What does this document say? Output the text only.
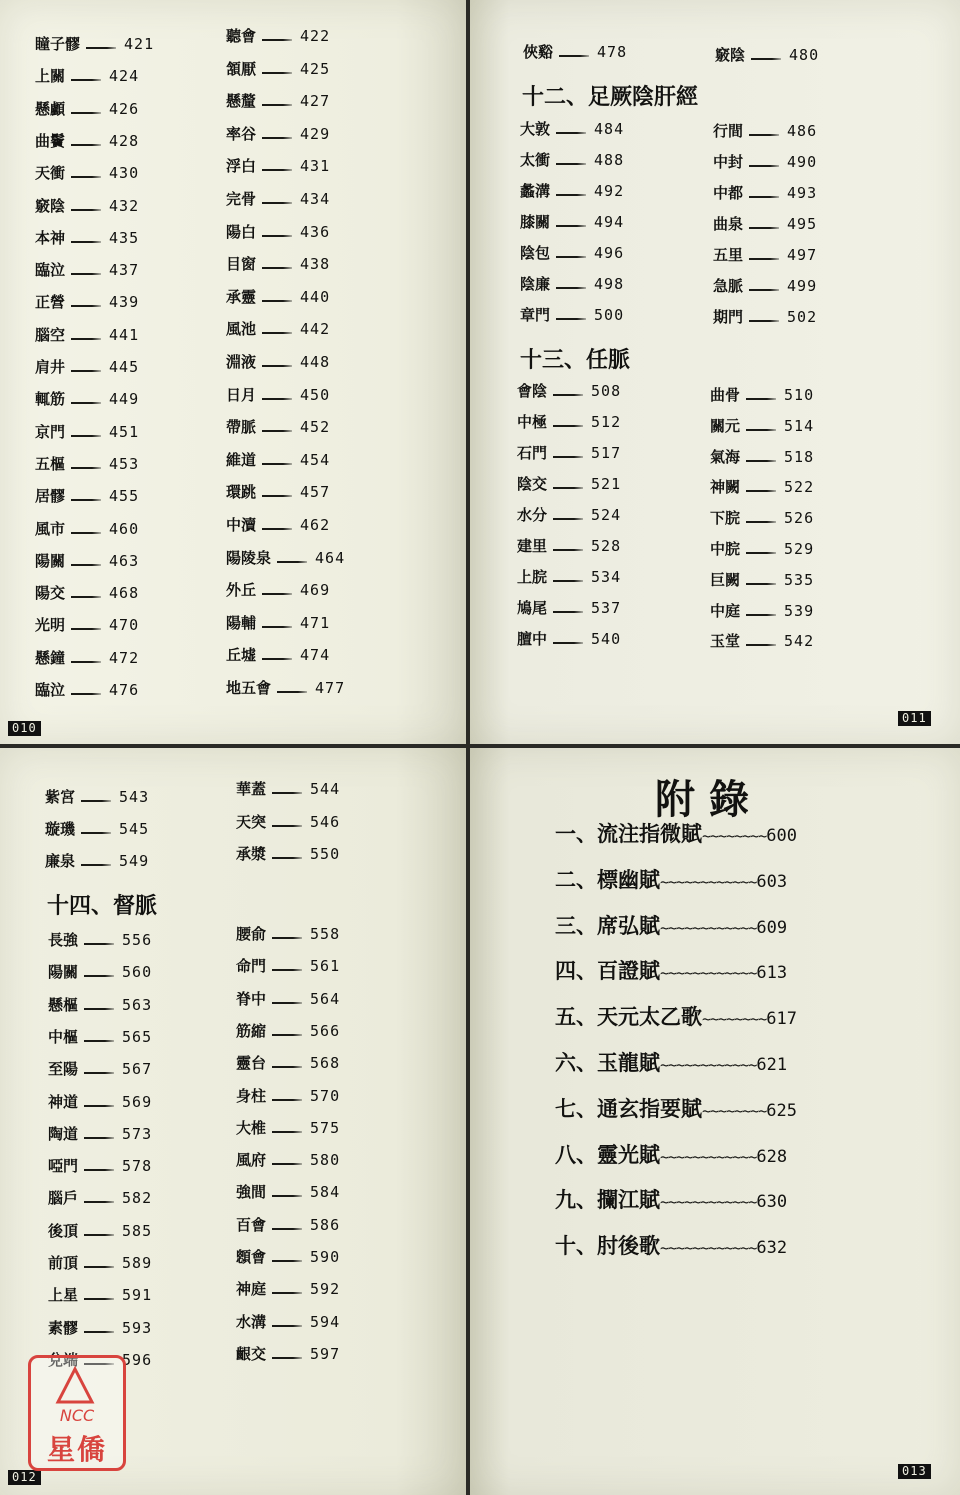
瞳子髎	421
上關	424
懸顱	426
曲鬢	428
天衝	430
竅陰	432
本神	435
臨泣	437
正營	439
腦空	441
肩井	445
輒筋	449
京門	451
五樞	453
居髎	455
風市	460
陽關	463
陽交	468
光明	470
懸鐘	472
臨泣	476
聽會	422
頷厭	425
懸釐	427
率谷	429
浮白	431
完骨	434
陽白	436
目窗	438
承靈	440
風池	442
淵液	448
日月	450
帶脈	452
維道	454
環跳	457
中瀆	462
陽陵泉	464
外丘	469
陽輔	471
丘墟	474
地五會	477
010
俠谿	478	竅陰	480
十二、足厥陰肝經
大敦	484
太衝	488
蠡溝	492
膝關	494
陰包	496
陰廉	498
章門	500
行間	486
中封	490
中都	493
曲泉	495
五里	497
急脈	499
期門	502
十三、任脈
會陰	508
中極	512
石門	517
陰交	521
水分	524
建里	528
上脘	534
鳩尾	537
膻中	540
曲骨	510
關元	514
氣海	518
神闕	522
下脘	526
中脘	529
巨闕	535
中庭	539
玉堂	542
011
紫宮	543
璇璣	545
廉泉	549
華蓋	544
天突	546
承漿	550
十四、督脈
長強	556
陽關	560
懸樞	563
中樞	565
至陽	567
神道	569
陶道	573
啞門	578
腦戶	582
後頂	585
前頂	589
上星	591
素髎	593
兌端	596
腰俞	558
命門	561
脊中	564
筋縮	566
靈台	568
身柱	570
大椎	575
風府	580
強間	584
百會	586
顖會	590
神庭	592
水溝	594
齦交	597
012
附錄
一、流注指微賦~~~~~~~~600
二、標幽賦~~~~~~~~~~~~603
三、席弘賦~~~~~~~~~~~~609
四、百證賦~~~~~~~~~~~~613
五、天元太乙歌~~~~~~~~617
六、玉龍賦~~~~~~~~~~~~621
七、通玄指要賦~~~~~~~~625
八、靈光賦~~~~~~~~~~~~628
九、攔江賦~~~~~~~~~~~~630
十、肘後歌~~~~~~~~~~~~632
013
NCC
星僑
